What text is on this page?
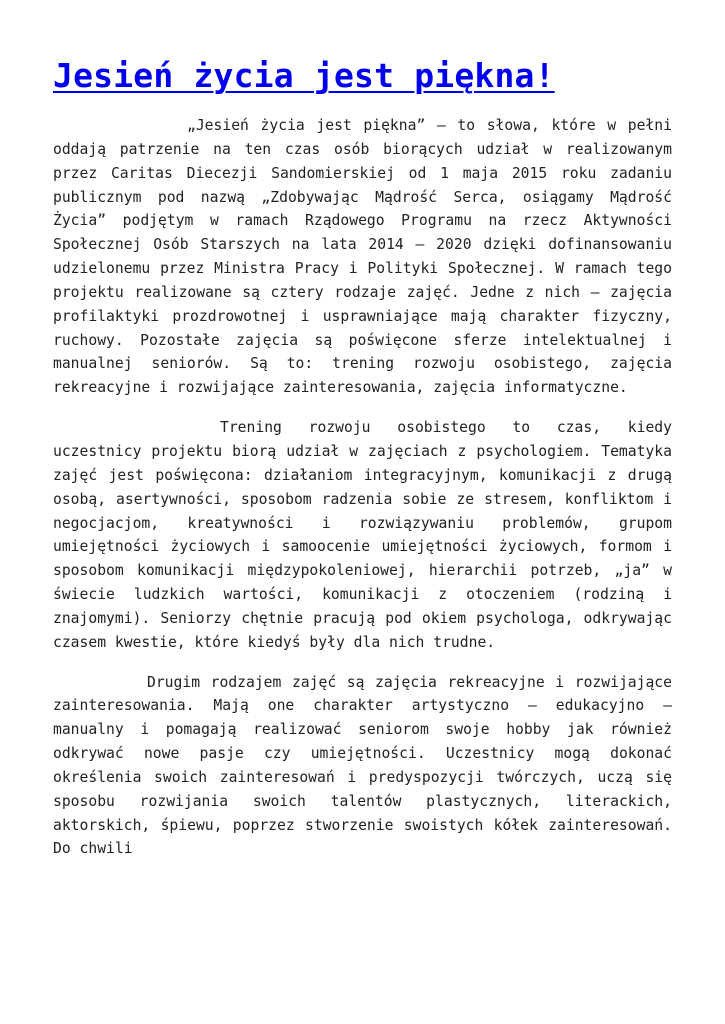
Jesień życia jest piękna!

„Jesień życia jest piękna” – to słowa, które w pełni oddają patrzenie na ten czas osób biorących udział w realizowanym przez Caritas Diecezji Sandomierskiej od 1 maja 2015 roku zadaniu publicznym pod nazwą „Zdobywając Mądrość Serca, osiągamy Mądrość Życia” podjętym w ramach Rządowego Programu na rzecz Aktywności Społecznej Osób Starszych na lata 2014 – 2020 dzięki dofinansowaniu udzielonemu przez Ministra Pracy i Polityki Społecznej. W ramach tego projektu realizowane są cztery rodzaje zajęć. Jedne z nich – zajęcia profilaktyki prozdrowotnej i usprawniające mają charakter fizyczny, ruchowy. Pozostałe zajęcia są poświęcone sferze intelektualnej i manualnej seniorów. Są to: trening rozwoju osobistego, zajęcia rekreacyjne i rozwijające zainteresowania, zajęcia informatyczne.

Trening rozwoju osobistego to czas, kiedy uczestnicy projektu biorą udział w zajęciach z psychologiem. Tematyka zajęć jest poświęcona: działaniom integracyjnym, komunikacji z drugą osobą, asertywności, sposobom radzenia sobie ze stresem, konfliktom i negocjacjom, kreatywności i rozwiązywaniu problemów, grupom umiejętności życiowych i samoocenie umiejętności życiowych, formom i sposobom komunikacji międzypokoleniowej, hierarchii potrzeb, „ja” w świecie ludzkich wartości, komunikacji z otoczeniem (rodziną i znajomymi). Seniorzy chętnie pracują pod okiem psychologa, odkrywając czasem kwestie, które kiedyś były dla nich trudne.

Drugim rodzajem zajęć są zajęcia rekreacyjne i rozwijające zainteresowania. Mają one charakter artystyczno – edukacyjno – manualny i pomagają realizować seniorom swoje hobby jak również odkrywać nowe pasje czy umiejętności. Uczestnicy mogą dokonać określenia swoich zainteresowań i predyspozycji twórczych, uczą się sposobu rozwijania swoich talentów plastycznych, literackich, aktorskich, śpiewu, poprzez stworzenie swoistych kółek zainteresowań. Do chwili
